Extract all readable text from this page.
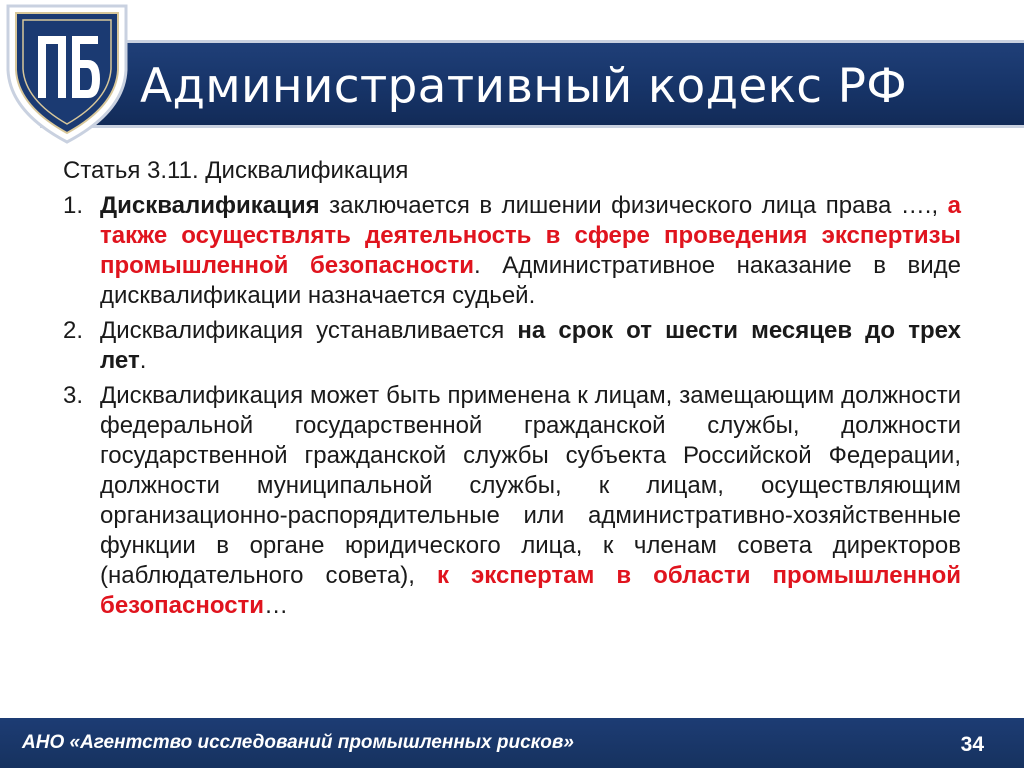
Административный кодекс РФ
Статья 3.11. Дисквалификация
1. Дисквалификация заключается в лишении физического лица права …., а также осуществлять деятельность в сфере проведения экспертизы промышленной безопасности. Административное наказание в виде дисквалификации назначается судьей.
2. Дисквалификация устанавливается на срок от шести месяцев до трех лет.
3. Дисквалификация может быть применена к лицам, замещающим должности федеральной государственной гражданской службы, должности государственной гражданской службы субъекта Российской Федерации, должности муниципальной службы, к лицам, осуществляющим организационно-распорядительные или административно-хозяйственные функции в органе юридического лица, к членам совета директоров (наблюдательного совета), к экспертам в области промышленной безопасности…
АНО «Агентство исследований промышленных рисков»	34
